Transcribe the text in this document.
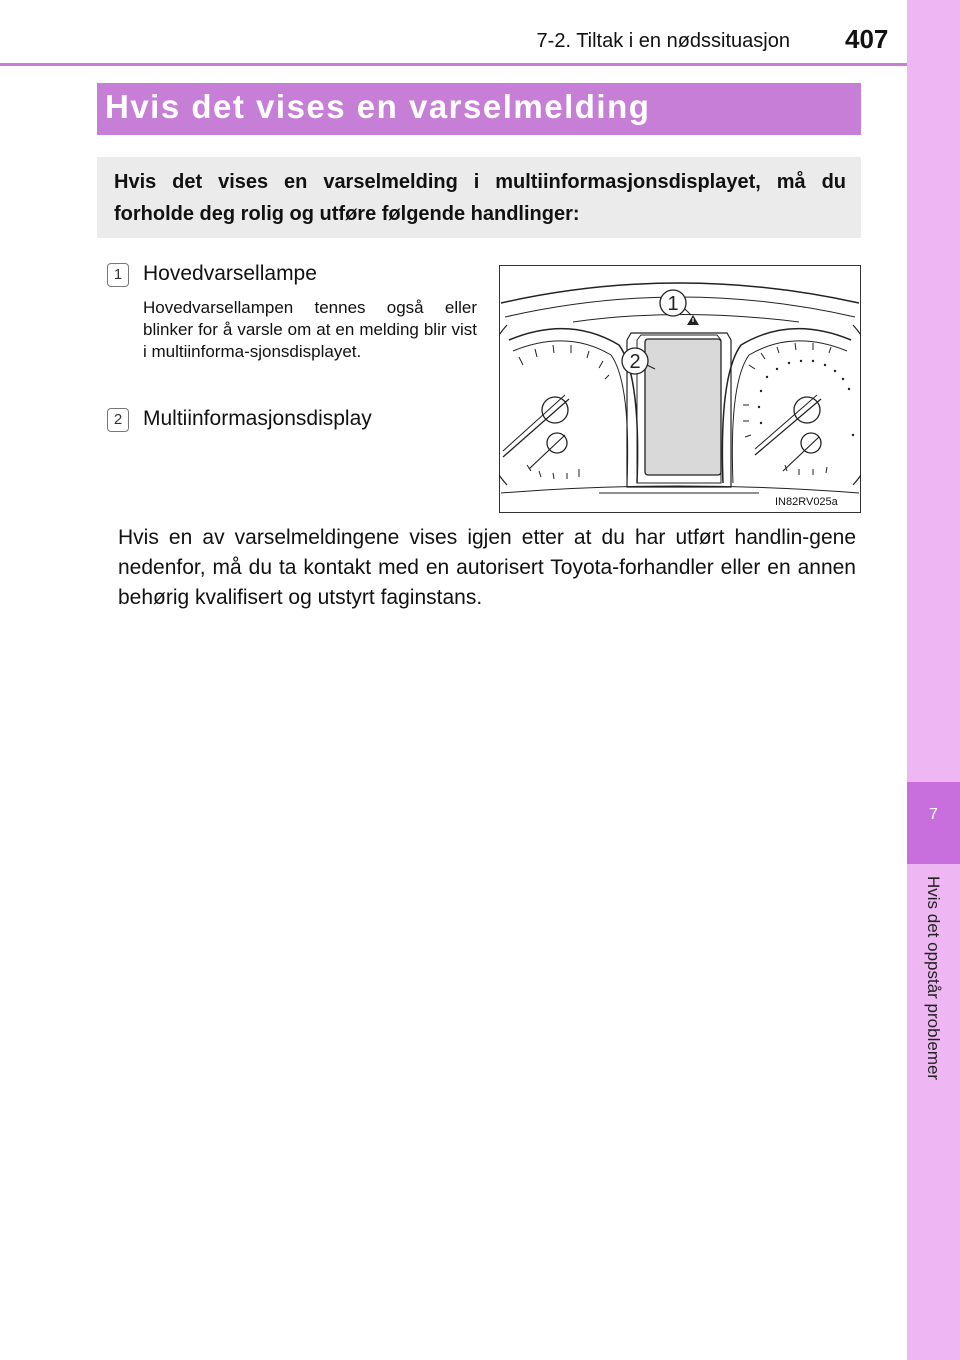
7-2. Tiltak i en nødssituasjon 407
7
Hvis det oppstår problemer
Hvis det vises en varselmelding
Hvis det vises en varselmelding i multiinformasjonsdisplayet, må du forholde deg rolig og utføre følgende handlinger:
1 Hovedvarsellampe
Hovedvarsellampen tennes også eller blinker for å varsle om at en melding blir vist i multiinforma-sjonsdisplayet.
2 Multiinformasjonsdisplay
1
2
IN82RV025a
Hvis en av varselmeldingene vises igjen etter at du har utført handlin-gene nedenfor, må du ta kontakt med en autorisert Toyota-forhandler eller en annen behørig kvalifisert og utstyrt faginstans.
